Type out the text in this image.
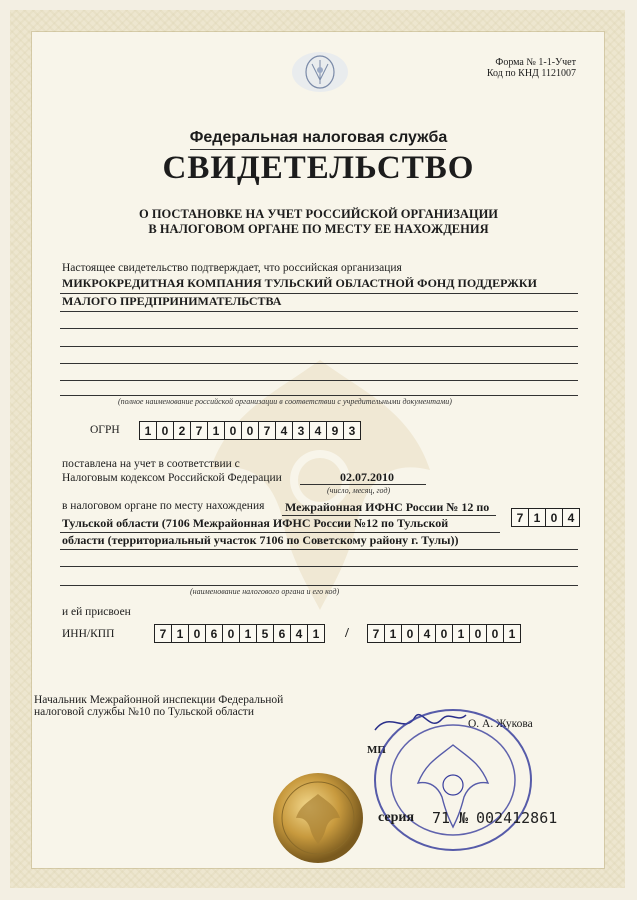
Форма № 1-1-Учет
Код по КНД 1121007
Федеральная налоговая служба
СВИДЕТЕЛЬСТВО
О ПОСТАНОВКЕ НА УЧЕТ РОССИЙСКОЙ ОРГАНИЗАЦИИ
В НАЛОГОВОМ ОРГАНЕ ПО МЕСТУ ЕЕ НАХОЖДЕНИЯ
Настоящее свидетельство подтверждает, что российская организация
МИКРОКРЕДИТНАЯ КОМПАНИЯ ТУЛЬСКИЙ ОБЛАСТНОЙ ФОНД ПОДДЕРЖКИ
МАЛОГО ПРЕДПРИНИМАТЕЛЬСТВА
(полное наименование российской организации в соответствии с учредительными документами)
ОГРН	1 0 2 7 1 0 0 7 4 3 4 9 3
поставлена на учет в соответствии с
Налоговым кодексом Российской Федерации	02.07.2010
(число, месяц, год)
в налоговом органе по месту нахождения Межрайонная ИФНС России № 12 по
Тульской области (7106 Межрайонная ИФНС России №12 по Тульской	7 1 0 4
области (территориальный участок 7106 по Советскому району г. Тулы))
(наименование налогового органа и его код)
и ей присвоен
ИНН/КПП	7 1 0 6 0 1 5 6 4 1	/	7 1 0 4 0 1 0 0 1
Начальник Межрайонной инспекции Федеральной
налоговой службы №10 по Тульской области
О. А. Жукова
МП
серия 71 № 002412861
